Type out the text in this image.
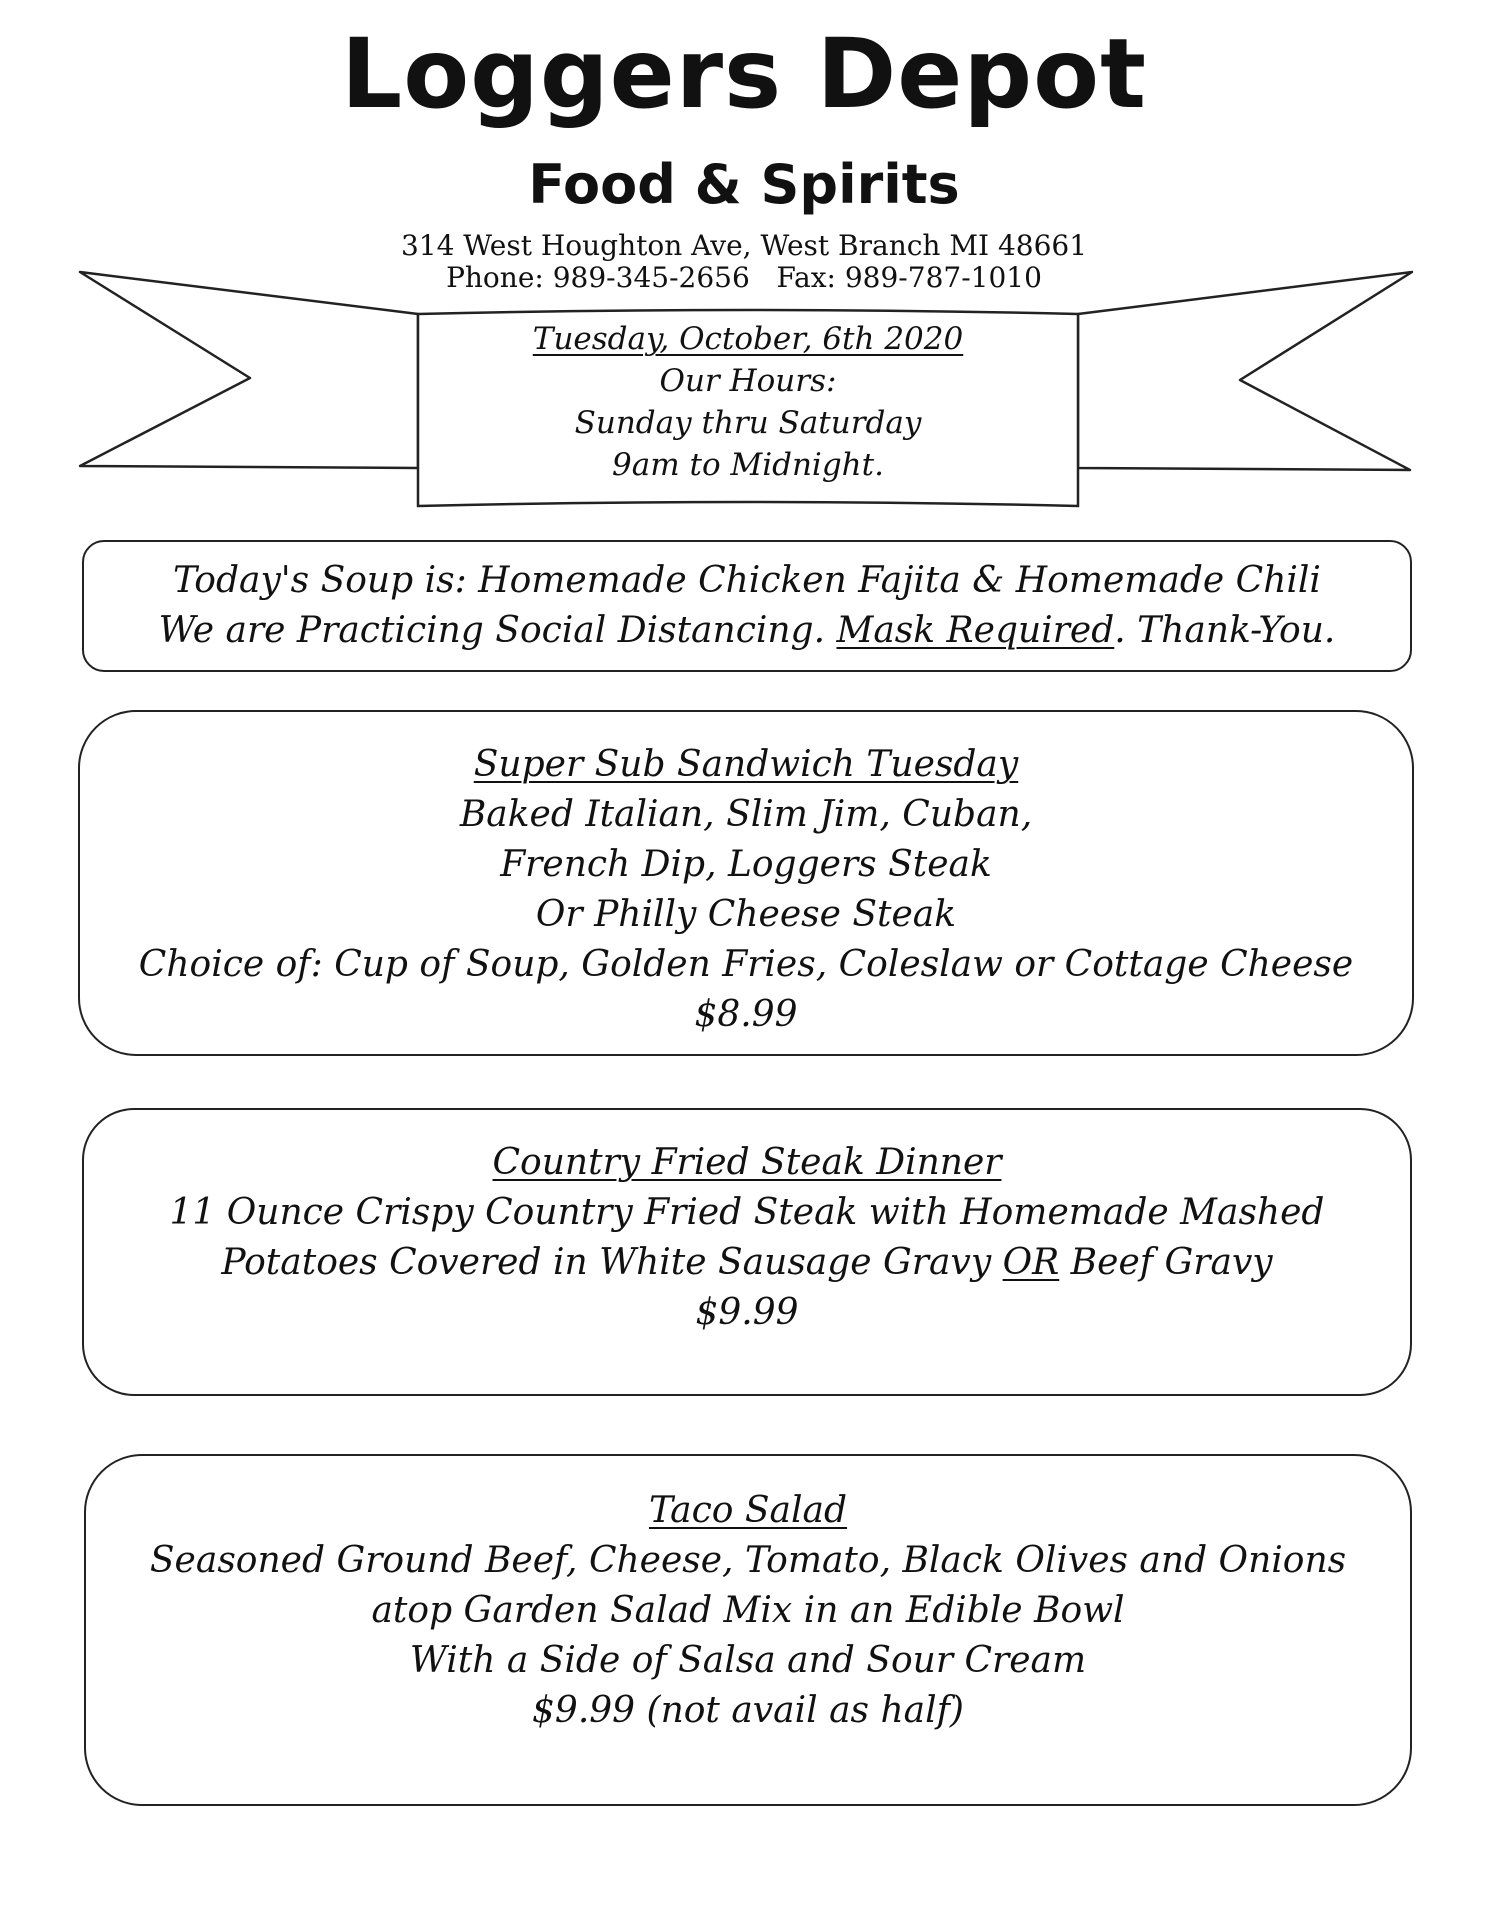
Loggers Depot
Food & Spirits
314 West Houghton Ave, West Branch MI 48661
Phone: 989-345-2656   Fax: 989-787-1010
Tuesday, October, 6th 2020
Our Hours:
Sunday thru Saturday
9am to Midnight.
Today's Soup is: Homemade Chicken Fajita & Homemade Chili
We are Practicing Social Distancing. Mask Required. Thank-You.
Super Sub Sandwich Tuesday
Baked Italian, Slim Jim, Cuban,
French Dip, Loggers Steak
Or Philly Cheese Steak
Choice of: Cup of Soup, Golden Fries, Coleslaw or Cottage Cheese
$8.99
Country Fried Steak Dinner
11 Ounce Crispy Country Fried Steak with Homemade Mashed
Potatoes Covered in White Sausage Gravy OR Beef Gravy
$9.99
Taco Salad
Seasoned Ground Beef, Cheese, Tomato, Black Olives and Onions
atop Garden Salad Mix in an Edible Bowl
With a Side of Salsa and Sour Cream
$9.99 (not avail as half)
